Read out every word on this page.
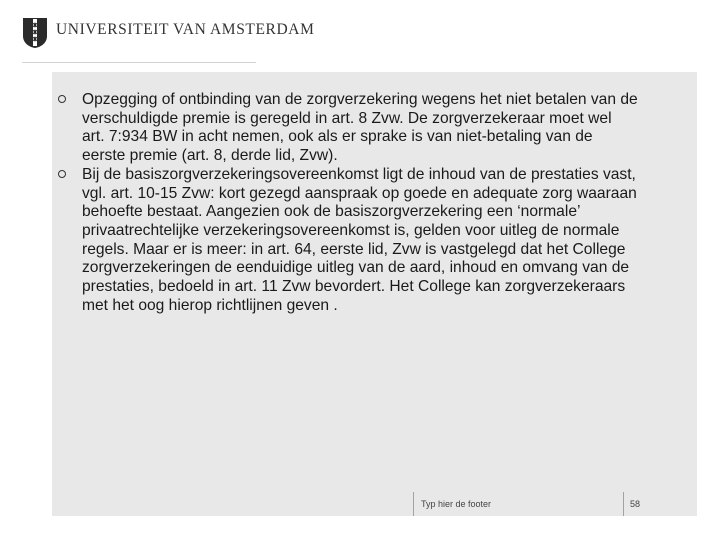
UNIVERSITEIT VAN AMSTERDAM
Opzegging of ontbinding van de zorgverzekering wegens het niet betalen van de verschuldigde premie is geregeld in art. 8 Zvw. De zorgverzekeraar moet wel art. 7:934 BW in acht nemen, ook als er sprake is van niet-betaling van de eerste premie (art. 8, derde lid, Zvw).
Bij de basiszorgverzekeringsovereenkomst ligt de inhoud van de prestaties vast, vgl. art. 10-15 Zvw: kort gezegd aanspraak op goede en adequate zorg waaraan behoefte bestaat. Aangezien ook de basiszorgverzekering een ‘normale’ privaatrechtelijke verzekeringsovereenkomst is, gelden voor uitleg de normale regels. Maar er is meer: in art. 64, eerste lid, Zvw is vastgelegd dat het College zorgverzekeringen de eenduidige uitleg van de aard, inhoud en omvang van de prestaties, bedoeld in art. 11 Zvw bevordert. Het College kan zorgverzekeraars met het oog hierop richtlijnen geven .
Typ hier de footer	58
